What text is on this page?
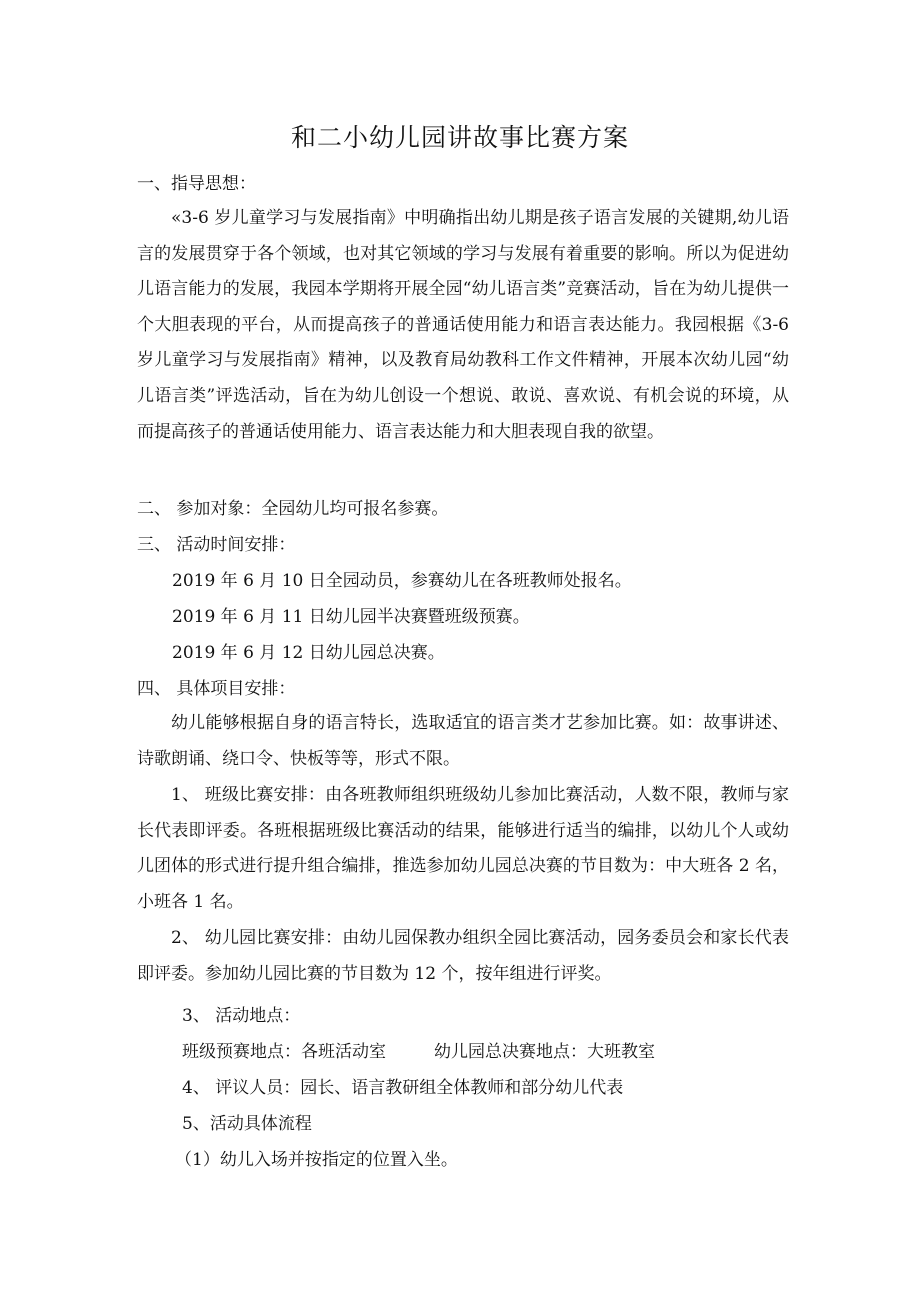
和二小幼儿园讲故事比赛方案
一、指导思想：

«3-6 岁儿童学习与发展指南》中明确指出幼儿期是孩子语言发展的关键期,幼儿语言的发展贯穿于各个领域，也对其它领域的学习与发展有着重要的影响。所以为促进幼儿语言能力的发展，我园本学期将开展全园“幼儿语言类”竞赛活动，旨在为幼儿提供一个大胆表现的平台，从而提高孩子的普通话使用能力和语言表达能力。我园根据《3-6 岁儿童学习与发展指南》精神，以及教育局幼教科工作文件精神，开展本次幼儿园“幼儿语言类”评选活动，旨在为幼儿创设一个想说、敢说、喜欢说、有机会说的环境，从而提高孩子的普通话使用能力、语言表达能力和大胆表现自我的欲望。

二、 参加对象：全园幼儿均可报名参赛。
三、 活动时间安排：
2019 年 6 月 10 日全园动员，参赛幼儿在各班教师处报名。
2019 年 6 月 11 日幼儿园半决赛暨班级预赛。
2019 年 6 月 12 日幼儿园总决赛。
四、 具体项目安排：

幼儿能够根据自身的语言特长，选取适宜的语言类才艺参加比赛。如：故事讲述、诗歌朗诵、绕口令、快板等等，形式不限。

1、 班级比赛安排：由各班教师组织班级幼儿参加比赛活动，人数不限，教师与家长代表即评委。各班根据班级比赛活动的结果，能够进行适当的编排，以幼儿个人或幼儿团体的形式进行提升组合编排，推选参加幼儿园总决赛的节目数为：中大班各 2 名，小班各 1 名。

2、 幼儿园比赛安排：由幼儿园保教办组织全园比赛活动，园务委员会和家长代表即评委。参加幼儿园比赛的节目数为 12 个，按年组进行评奖。

3、 活动地点：
班级预赛地点：各班活动室	幼儿园总决赛地点：大班教室
4、 评议人员：园长、语言教研组全体教师和部分幼儿代表
5、活动具体流程
（1）幼儿入场并按指定的位置入坐。
